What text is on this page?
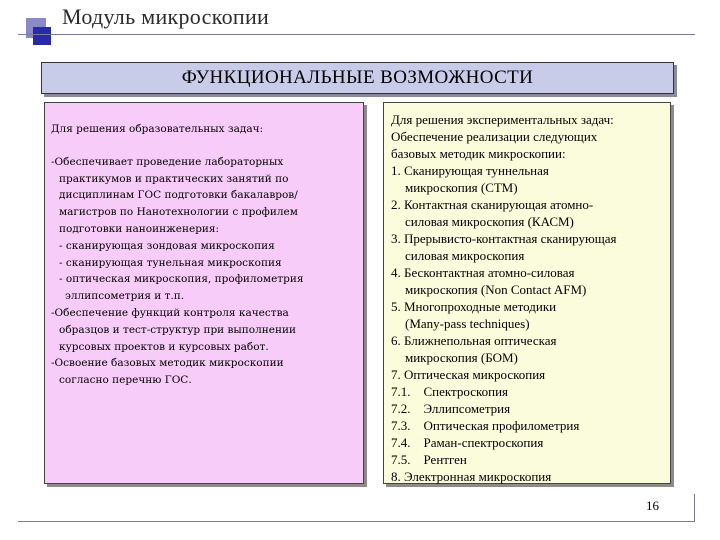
Модуль микроскопии
ФУНКЦИОНАЛЬНЫЕ ВОЗМОЖНОСТИ
Для решения образовательных задач:
-Обеспечивает проведение лабораторных
практикумов и практических занятий по
дисциплинам ГОС подготовки бакалавров/
магистров по Нанотехнологии с профилем
подготовки наноинженерия:
- сканирующая зондовая микроскопия
- сканирующая тунельная микроскопия
- оптическая микроскопия, профилометрия
эллипсометрия и т.п.
-Обеспечение функций контроля качества
образцов и тест-структур при выполнении
курсовых проектов и курсовых работ.
-Освоение базовых методик микроскопии
согласно перечню ГОС.
Для решения экспериментальных задач:
Обеспечение реализации следующих
базовых методик микроскопии:
1. Сканирующая туннельная
микроскопия (СТМ)
2. Контактная сканирующая атомно-
силовая микроскопия (КАСМ)
3. Прерывисто-контактная сканирующая
силовая микроскопия
4. Бесконтактная атомно-силовая
микроскопия (Non Contact AFM)
5. Многопроходные методики
(Many-pass techniques)
6. Ближнепольная оптическая
микроскопия (БОМ)
7. Оптическая микроскопия
7.1.    Спектроскопия
7.2.    Эллипсометрия
7.3.    Оптическая профилометрия
7.4.    Раман-спектроскопия
7.5.    Рентген
8. Электронная микроскопия
16
